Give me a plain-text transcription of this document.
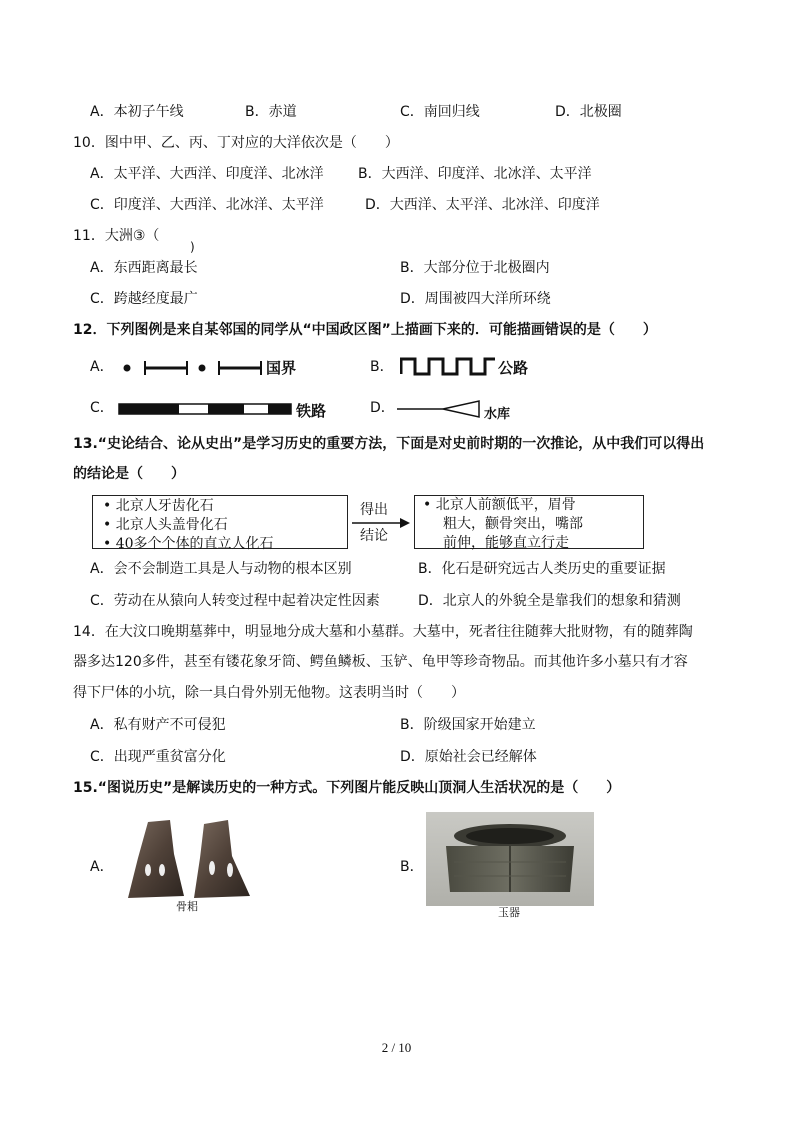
A．本初子午线	B．赤道	C．南回归线	D．北极圈
10．图中甲、乙、丙、丁对应的大洋依次是（　　）
A．太平洋、大西洋、印度洋、北冰洋 B．大西洋、印度洋、北冰洋、太平洋
C．印度洋、大西洋、北冰洋、太平洋	D．大西洋、太平洋、北冰洋、印度洋
11．大洲③（
)
A．东西距离最长	B．大部分位于北极圈内
C．跨越经度最广	D．周围被四大洋所环绕
12．下列图例是来自某邻国的同学从“中国政区图”上描画下来的．可能描画错误的是（　　）
A．	国界	B．	公路
C．	铁路	D．	水库
13.“史论结合、论从史出”是学习历史的重要方法，下面是对史前时期的一次推论，从中我们可以得出
的结论是（　　）
• 北京人牙齿化石
• 北京人头盖骨化石
• 40多个个体的直立人化石
得出
结论
• 北京人前额低平，眉骨
粗大，颧骨突出，嘴部
前伸，能够直立行走
A．会不会制造工具是人与动物的根本区别	B．化石是研究远古人类历史的重要证据
C．劳动在从猿向人转变过程中起着决定性因素	D．北京人的外貌全是靠我们的想象和猜测
14．在大汶口晚期墓葬中，明显地分成大墓和小墓群。大墓中，死者往往随葬大批财物，有的随葬陶
器多达120多件，甚至有镂花象牙筒、鳄鱼鳞板、玉铲、龟甲等珍奇物品。而其他许多小墓只有才容
得下尸体的小坑，除一具白骨外别无他物。这表明当时（　　）
A．私有财产不可侵犯	B．阶级国家开始建立
C．出现严重贫富分化	D．原始社会已经解体
15.“图说历史”是解读历史的一种方式。下列图片能反映山顶洞人生活状况的是（　　）
A．
骨耜
B．
玉器
2 / 10
